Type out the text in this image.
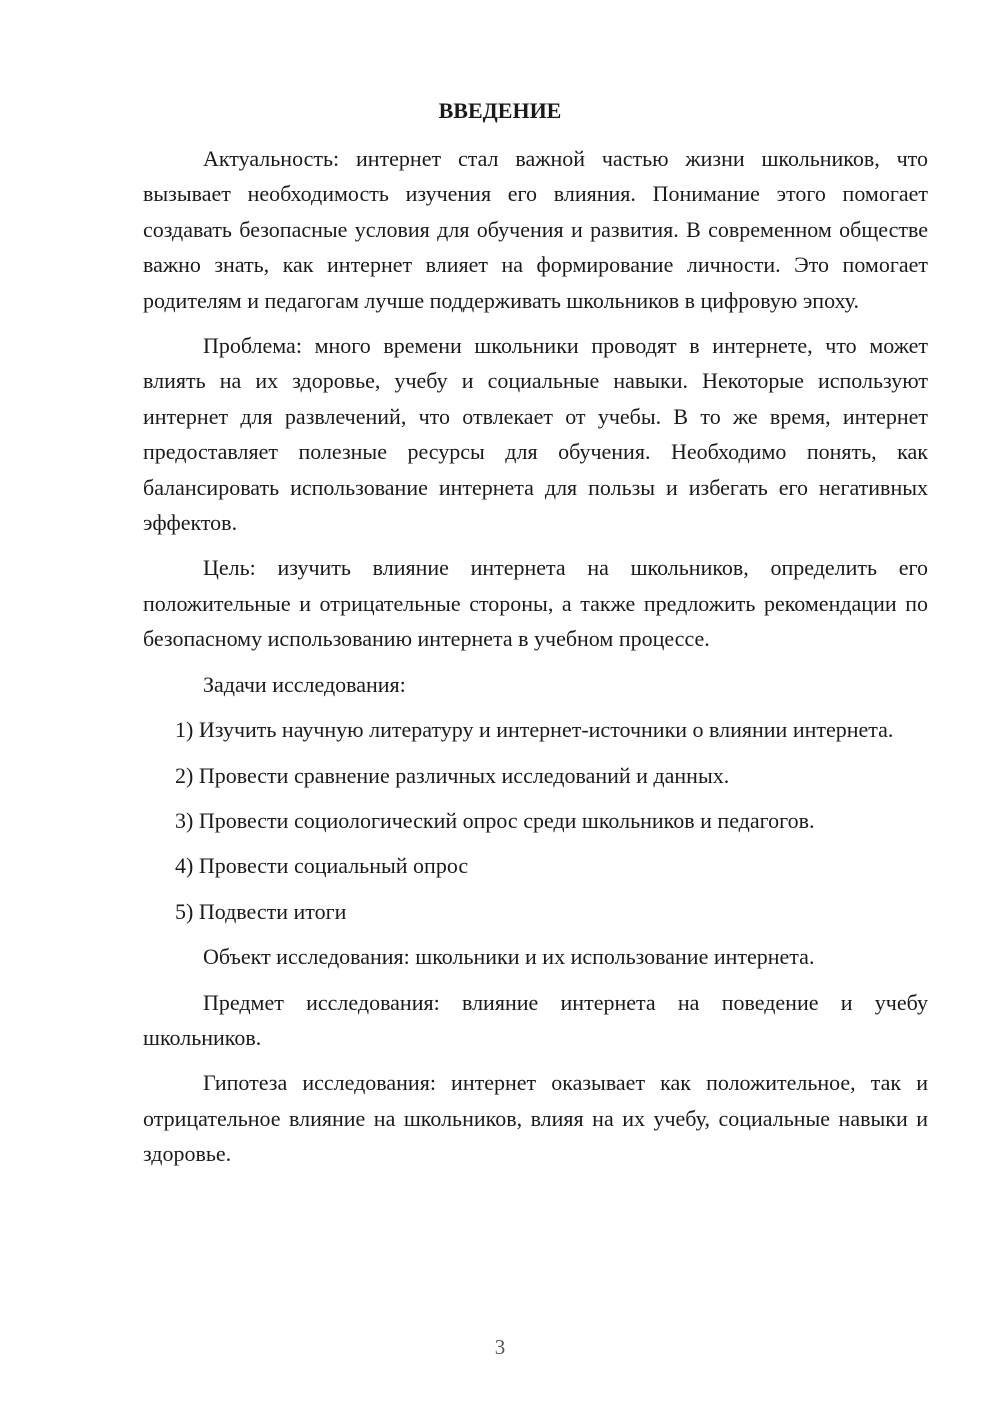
ВВЕДЕНИЕ

Актуальность: интернет стал важной частью жизни школьников, что вызывает необходимость изучения его влияния. Понимание этого помогает создавать безопасные условия для обучения и развития. В современном обществе важно знать, как интернет влияет на формирование личности. Это помогает родителям и педагогам лучше поддерживать школьников в цифровую эпоху.

Проблема: много времени школьники проводят в интернете, что может влиять на их здоровье, учебу и социальные навыки. Некоторые используют интернет для развлечений, что отвлекает от учебы. В то же время, интернет предоставляет полезные ресурсы для обучения. Необходимо понять, как балансировать использование интернета для пользы и избегать его негативных эффектов.

Цель: изучить влияние интернета на школьников, определить его положительные и отрицательные стороны, а также предложить рекомендации по безопасному использованию интернета в учебном процессе.

Задачи исследования:

1) Изучить научную литературу и интернет-источники о влиянии интернета.

2) Провести сравнение различных исследований и данных.

3) Провести социологический опрос среди школьников и педагогов.

4) Провести социальный опрос

5) Подвести итоги

Объект исследования: школьники и их использование интернета.

Предмет исследования: влияние интернета на поведение и учебу школьников.

Гипотеза исследования: интернет оказывает как положительное, так и отрицательное влияние на школьников, влияя на их учебу, социальные навыки и здоровье.

3
